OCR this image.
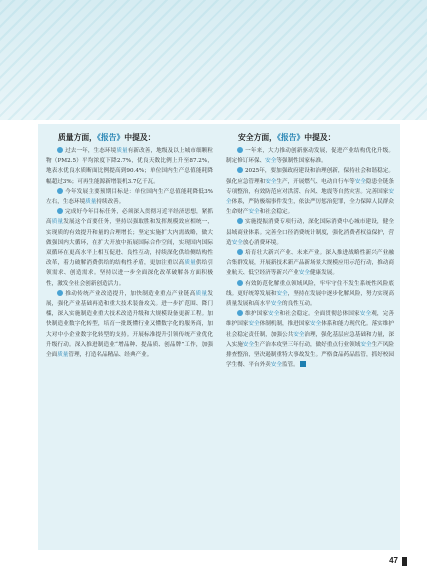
质量方面，《报告》中提及：

过去一年，生态环境质量有新改善，地级及以上城市细颗粒物（PM2.5）平均浓度下降2.7%，优良天数比例上升至87.2%，地表水优良水质断面比例提高到90.4%；单位国内生产总值能耗降幅超过3%；可再生能源新增装机3.7亿千瓦。

今年发展主要预期目标是：单位国内生产总值能耗降低3%左右，生态环境质量持续改善。

完成好今年目标任务，必须深入贯彻习近平经济思想，紧抓高质量发展这个首要任务，坚持以强取胜和发挥规模效应相统一，实现质的有效提升和量的合理增长；坚定实施扩大内需战略，做大做强国内大循环，在扩大开放中拓展国际合作空间，实现国内国际双循环在更高水平上相互促进、良性互动，持续深化供给侧结构性改革，着力破解消费供给的结构性矛盾，更加注重以高质量供给引领需求、创造需求。坚持以进一步全面深化改革破解各方面积极性，激发全社会创新创造活力。

推动传统产业改造提升，加快制造业重点产业链高质量发展，强化产业基础再造和重大技术装备攻关。进一步扩范围、降门槛，深入实施制造业重大技术改造升级和大规模设备更新工程。加快制造业数字化转型，培育一批既懂行业又懂数字化的服务商，加大对中小企业数字化转型的支持。开展标准提升引领传统产业优化升级行动。深入推进制造业“增品种、提品质、创品牌”工作，加强全面质量管理，打造名品精品、经典产业。

安全方面，《报告》中提及：

一年来，大力推动创新驱动发展，促进产业结构优化升级。制定修订环保、安全等强制性国家标准。

2025年，要加强政府建设和治理创新，保持社会和谐稳定。强化应急管理和安全生产，开展燃气、电动自行车等安全隐患全链条专项整治，有效防范应对洪涝、台风、地震等自然灾害。完善国家安全体系，严防极端事件发生，依法严厉惩治犯罪，全力保障人民群众生命财产安全和社会稳定。

实施提振消费专项行动，深化国际消费中心城市建设，健全县域商业体系。完善全口径消费统计制度，强化消费者权益保护，营造安全放心消费环境。

培育壮大新兴产业、未来产业。深入推进战略性新兴产业融合集群发展，开展新技术新产品新场景大规模应用示范行动，推动商业航天、低空经济等新兴产业安全健康发展。

有效防范化解重点领域风险，牢牢守住不发生系统性风险底线。更好统筹发展和安全，坚持在发展中逐步化解风险，努力实现高质量发展和高水平安全的良性互动。

维护国家安全和社会稳定。全面贯彻总体国家安全观，完善维护国家安全体制机制，推进国家安全体系和能力现代化。落实维护社会稳定责任制，加强公共安全治理，强化基层应急基础和力量，深入实施安全生产治本攻坚三年行动，做好重点行业领域安全生产风险排查整治，坚决遏制重特大事故发生。严格食品药品监管，抓好校园学生餐、平台外卖安全监管。

47
